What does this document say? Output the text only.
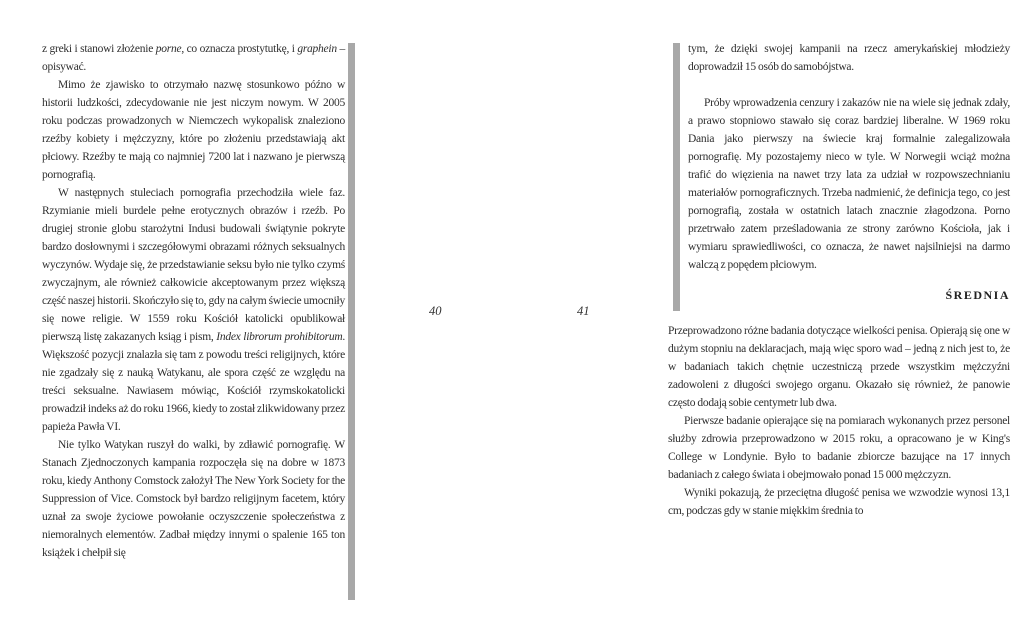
z greki i stanowi złożenie porne, co oznacza prostytutkę, i graphein – opisywać.
Mimo że zjawisko to otrzymało nazwę stosunkowo późno w historii ludzkości, zdecydowanie nie jest niczym nowym. W 2005 roku podczas prowadzonych w Niemczech wykopalisk znaleziono rzeźby kobiety i mężczyzny, które po złożeniu przedstawiają akt płciowy. Rzeźby te mają co najmniej 7200 lat i nazwano je pierwszą pornografią.
W następnych stuleciach pornografia przechodziła wiele faz. Rzymianie mieli burdele pełne erotycznych obrazów i rzeźb. Po drugiej stronie globu starożytni Indusi budowali świątynie pokryte bardzo dosłownymi i szczegółowymi obrazami różnych seksualnych wyczynów. Wydaje się, że przedstawianie seksu było nie tylko czymś zwyczajnym, ale również całkowicie akceptowanym przez większą część naszej historii. Skończyło się to, gdy na całym świecie umocniły się nowe religie. W 1559 roku Kościół katolicki opublikował pierwszą listę zakazanych ksiąg i pism, Index librorum prohibitorum. Większość pozycji znalazła się tam z powodu treści religijnych, które nie zgadzały się z nauką Watykanu, ale spora część ze względu na treści seksualne. Nawiasem mówiąc, Kościół rzymskokatolicki prowadził indeks aż do roku 1966, kiedy to został zlikwidowany przez papieża Pawła VI.
Nie tylko Watykan ruszył do walki, by zdławić pornografię. W Stanach Zjednoczonych kampania rozpoczęła się na dobre w 1873 roku, kiedy Anthony Comstock założył The New York Society for the Suppression of Vice. Comstock był bardzo religijnym facetem, który uznał za swoje życiowe powołanie oczyszczenie społeczeństwa z niemoralnych elementów. Zadbał między innymi o spalenie 165 ton książek i chełpił się
40	41
tym, że dzięki swojej kampanii na rzecz amerykańskiej młodzieży doprowadził 15 osób do samobójstwa.
Próby wprowadzenia cenzury i zakazów nie na wiele się jednak zdały, a prawo stopniowo stawało się coraz bardziej liberalne. W 1969 roku Dania jako pierwszy na świecie kraj formalnie zalegalizowała pornografię. My pozostajemy nieco w tyle. W Norwegii wciąż można trafić do więzienia na nawet trzy lata za udział w rozpowszechnianiu materiałów pornograficznych. Trzeba nadmienić, że definicja tego, co jest pornografią, została w ostatnich latach znacznie złagodzona. Porno przetrwało zatem prześladowania ze strony zarówno Kościoła, jak i wymiaru sprawiedliwości, co oznacza, że nawet najsilniejsi na darmo walczą z popędem płciowym.
ŚREDNIA
Przeprowadzono różne badania dotyczące wielkości penisa. Opierają się one w dużym stopniu na deklaracjach, mają więc sporo wad – jedną z nich jest to, że w badaniach takich chętnie uczestniczą przede wszystkim mężczyźni zadowoleni z długości swojego organu. Okazało się również, że panowie często dodają sobie centymetr lub dwa.
Pierwsze badanie opierające się na pomiarach wykonanych przez personel służby zdrowia przeprowadzono w 2015 roku, a opracowano je w King's College w Londynie. Było to badanie zbiorcze bazujące na 17 innych badaniach z całego świata i obejmowało ponad 15 000 mężczyzn.
Wyniki pokazują, że przeciętna długość penisa we wzwodzie wynosi 13,1 cm, podczas gdy w stanie miękkim średnia to
